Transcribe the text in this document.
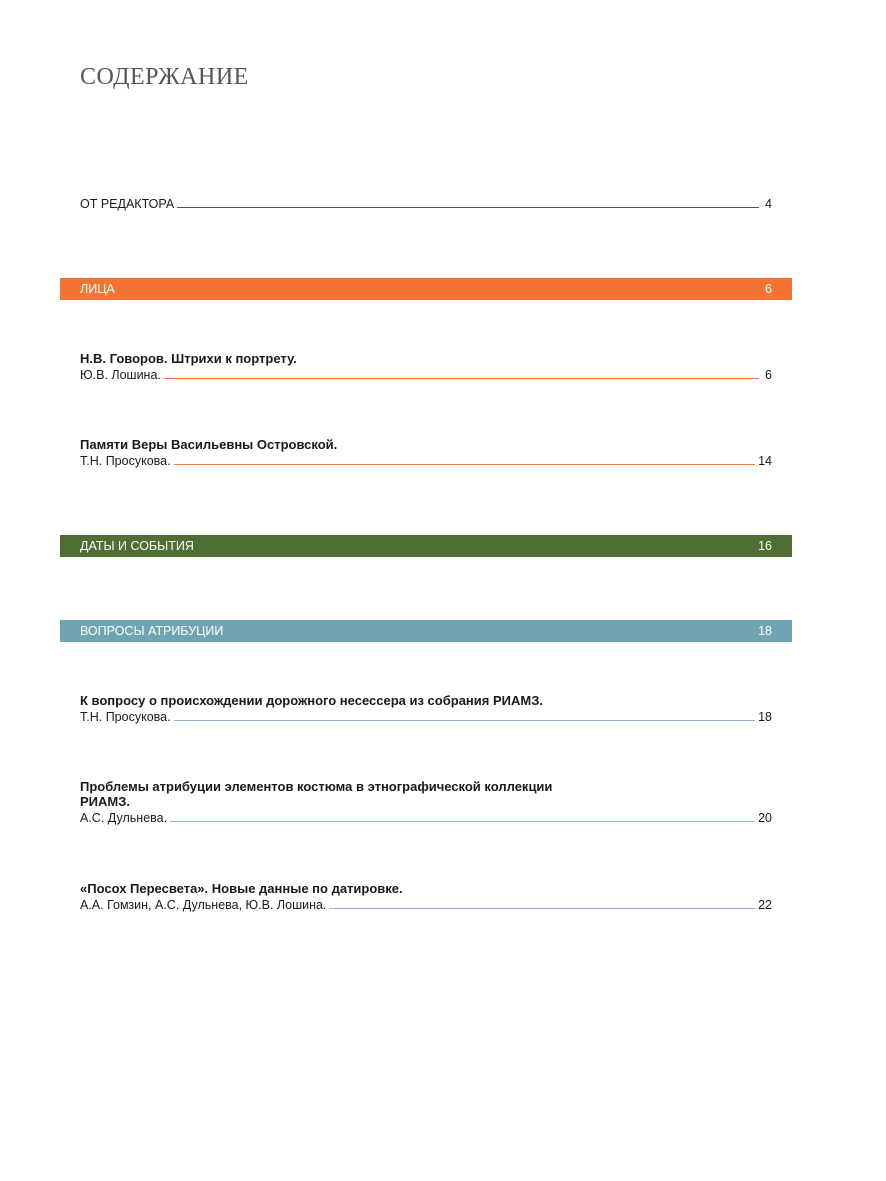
СОДЕРЖАНИЕ
ОТ РЕДАКТОРА	4
ЛИЦА	6
Н.В. Говоров. Штрихи к портрету.
Ю.В. Лошина.	6
Памяти Веры Васильевны Островской.
Т.Н. Просукова.	14
ДАТЫ И СОБЫТИЯ	16
ВОПРОСЫ АТРИБУЦИИ	18
К вопросу о происхождении дорожного несессера из собрания РИАМЗ.
Т.Н. Просукова.	18
Проблемы атрибуции элементов костюма в этнографической коллекции РИАМЗ.
А.С. Дульнева.	20
«Посох Пересвета». Новые данные по датировке.
А.А. Гомзин, А.С. Дульнева, Ю.В. Лошина.	22
